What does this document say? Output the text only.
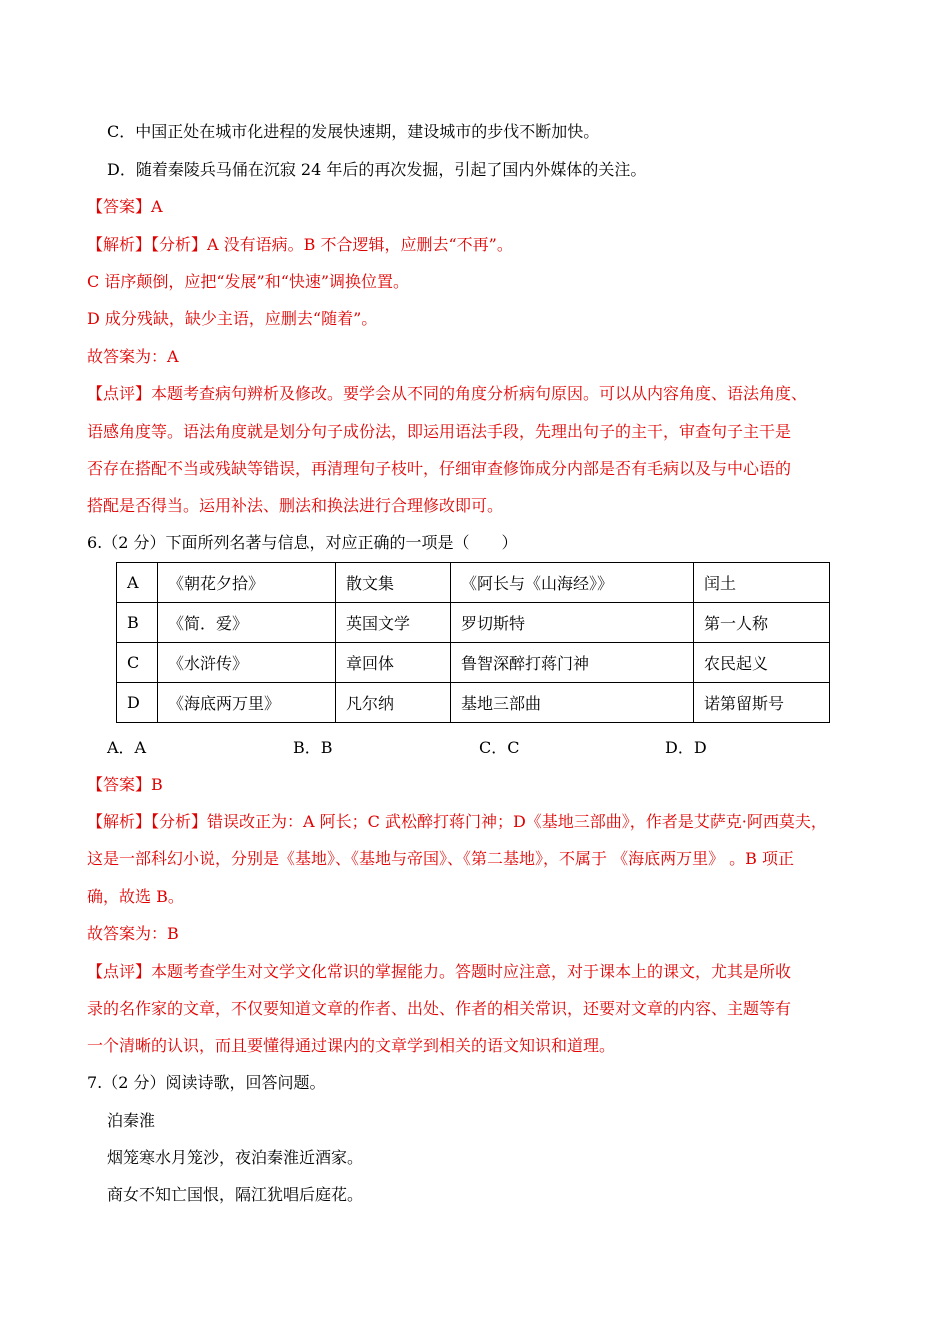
C．中国正处在城市化进程的发展快速期，建设城市的步伐不断加快。
D．随着秦陵兵马俑在沉寂 24 年后的再次发掘，引起了国内外媒体的关注。
【答案】A
【解析】【分析】A 没有语病。B 不合逻辑，应删去“不再”。
C 语序颠倒，应把“发展”和“快速”调换位置。
D 成分残缺，缺少主语，应删去“随着”。
故答案为：A
【点评】本题考查病句辨析及修改。要学会从不同的角度分析病句原因。可以从内容角度、语法角度、
语感角度等。语法角度就是划分句子成份法，即运用语法手段，先理出句子的主干，审查句子主干是
否存在搭配不当或残缺等错误，再清理句子枝叶，仔细审查修饰成分内部是否有毛病以及与中心语的
搭配是否得当。运用补法、删法和换法进行合理修改即可。
6.（2 分）下面所列名著与信息，对应正确的一项是（　　）
A	《朝花夕拾》	散文集	《阿长与《山海经》》	闰土
B	《简．爱》	英国文学	罗切斯特	第一人称
C	《水浒传》	章回体	鲁智深醉打蒋门神	农民起义
D	《海底两万里》	凡尔纳	基地三部曲	诺第留斯号
A．A	B．B	C．C	D．D
【答案】B
【解析】【分析】错误改正为：A 阿长；C 武松醉打蒋门神；D《基地三部曲》，作者是艾萨克·阿西莫夫，
这是一部科幻小说，分别是《基地》、《基地与帝国》、《第二基地》，不属于 《海底两万里》 。B 项正
确，故选 B。
故答案为：B
【点评】本题考查学生对文学文化常识的掌握能力。答题时应注意，对于课本上的课文，尤其是所收
录的名作家的文章，不仅要知道文章的作者、出处、作者的相关常识，还要对文章的内容、主题等有
一个清晰的认识，而且要懂得通过课内的文章学到相关的语文知识和道理。
7.（2 分）阅读诗歌，回答问题。
泊秦淮
烟笼寒水月笼沙，夜泊秦淮近酒家。
商女不知亡国恨，隔江犹唱后庭花。
